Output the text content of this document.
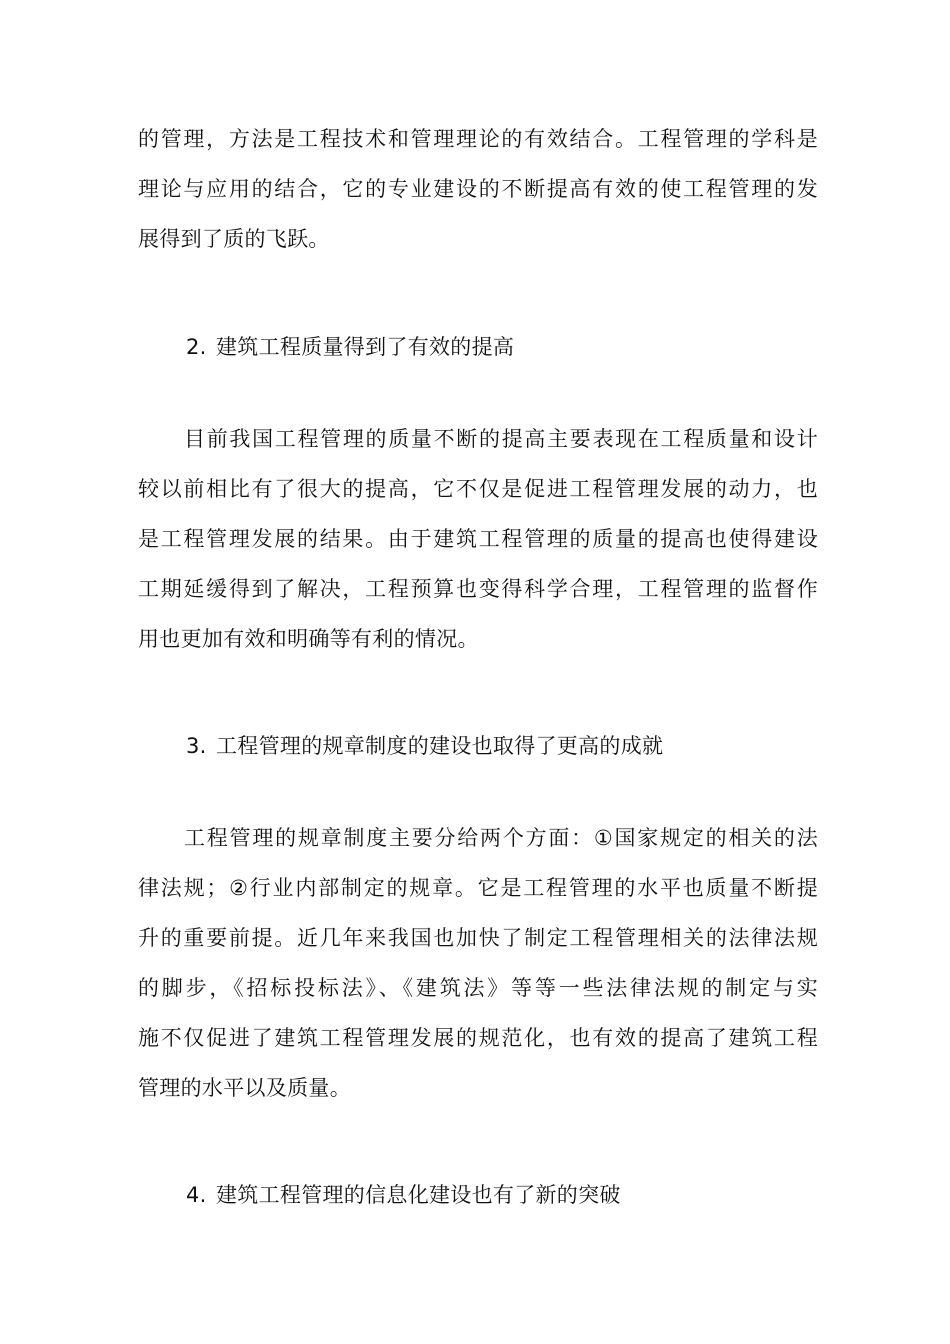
的管理，方法是工程技术和管理理论的有效结合。工程管理的学科是
理论与应用的结合，它的专业建设的不断提高有效的使工程管理的发
展得到了质的飞跃。
2. 建筑工程质量得到了有效的提高
目前我国工程管理的质量不断的提高主要表现在工程质量和设计
较以前相比有了很大的提高，它不仅是促进工程管理发展的动力，也
是工程管理发展的结果。由于建筑工程管理的质量的提高也使得建设
工期延缓得到了解决，工程预算也变得科学合理，工程管理的监督作
用也更加有效和明确等有利的情况。
3. 工程管理的规章制度的建设也取得了更高的成就
工程管理的规章制度主要分给两个方面：①国家规定的相关的法
律法规；②行业内部制定的规章。它是工程管理的水平也质量不断提
升的重要前提。近几年来我国也加快了制定工程管理相关的法律法规
的脚步，《招标投标法》、《建筑法》等等一些法律法规的制定与实
施不仅促进了建筑工程管理发展的规范化，也有效的提高了建筑工程
管理的水平以及质量。
4. 建筑工程管理的信息化建设也有了新的突破
